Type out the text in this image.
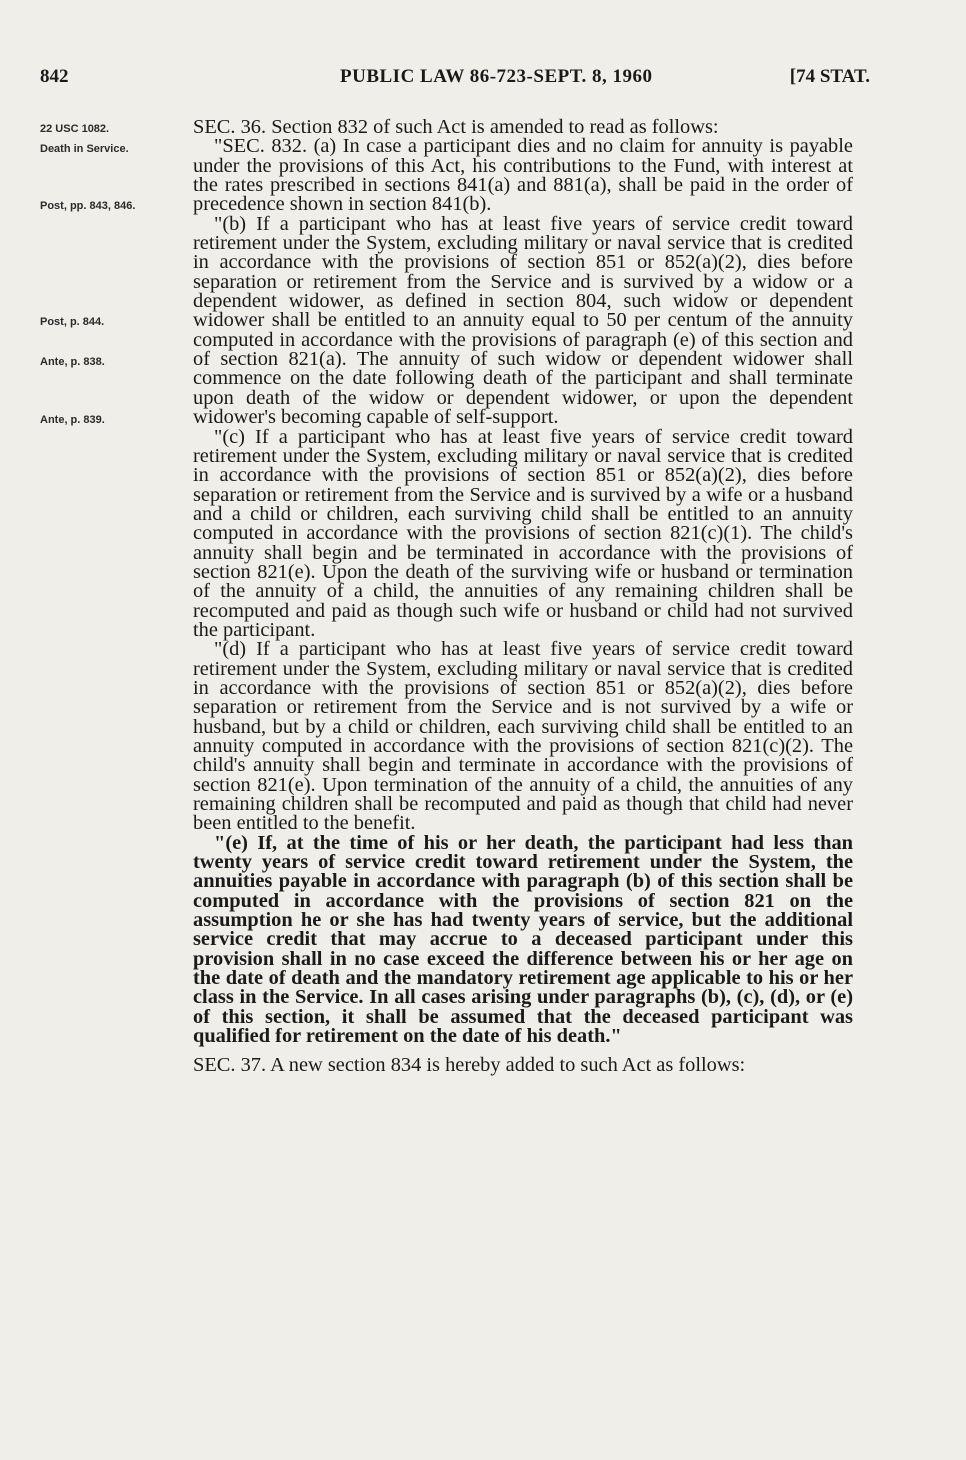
842	PUBLIC LAW 86-723-SEPT. 8, 1960	[74 STAT.
22 USC 1082.
Death in Service.
Post, pp. 843, 846.
Post, p. 844.
Ante, p. 838.
Ante, p. 839.

SEC. 36. Section 832 of such Act is amended to read as follows:

"SEC. 832. (a) In case a participant dies and no claim for annuity is payable under the provisions of this Act, his contributions to the Fund, with interest at the rates prescribed in sections 841(a) and 881(a), shall be paid in the order of precedence shown in section 841(b).

"(b) If a participant who has at least five years of service credit toward retirement under the System, excluding military or naval service that is credited in accordance with the provisions of section 851 or 852(a)(2), dies before separation or retirement from the Service and is survived by a widow or a dependent widower, as defined in section 804, such widow or dependent widower shall be entitled to an annuity equal to 50 per centum of the annuity computed in accordance with the provisions of paragraph (e) of this section and of section 821(a). The annuity of such widow or dependent widower shall commence on the date following death of the participant and shall terminate upon death of the widow or dependent widower, or upon the dependent widower's becoming capable of self-support.

"(c) If a participant who has at least five years of service credit toward retirement under the System, excluding military or naval service that is credited in accordance with the provisions of section 851 or 852(a)(2), dies before separation or retirement from the Service and is survived by a wife or a husband and a child or children, each surviving child shall be entitled to an annuity computed in accordance with the provisions of section 821(c)(1). The child's annuity shall begin and be terminated in accordance with the provisions of section 821(e). Upon the death of the surviving wife or husband or termination of the annuity of a child, the annuities of any remaining children shall be recomputed and paid as though such wife or husband or child had not survived the participant.

"(d) If a participant who has at least five years of service credit toward retirement under the System, excluding military or naval service that is credited in accordance with the provisions of section 851 or 852(a)(2), dies before separation or retirement from the Service and is not survived by a wife or husband, but by a child or children, each surviving child shall be entitled to an annuity computed in accordance with the provisions of section 821(c)(2). The child's annuity shall begin and terminate in accordance with the provisions of section 821(e). Upon termination of the annuity of a child, the annuities of any remaining children shall be recomputed and paid as though that child had never been entitled to the benefit.

"(e) If, at the time of his or her death, the participant had less than twenty years of service credit toward retirement under the System, the annuities payable in accordance with paragraph (b) of this section shall be computed in accordance with the provisions of section 821 on the assumption he or she has had twenty years of service, but the additional service credit that may accrue to a deceased participant under this provision shall in no case exceed the difference between his or her age on the date of death and the mandatory retirement age applicable to his or her class in the Service. In all cases arising under paragraphs (b), (c), (d), or (e) of this section, it shall be assumed that the deceased participant was qualified for retirement on the date of his death."

SEC. 37. A new section 834 is hereby added to such Act as follows:
